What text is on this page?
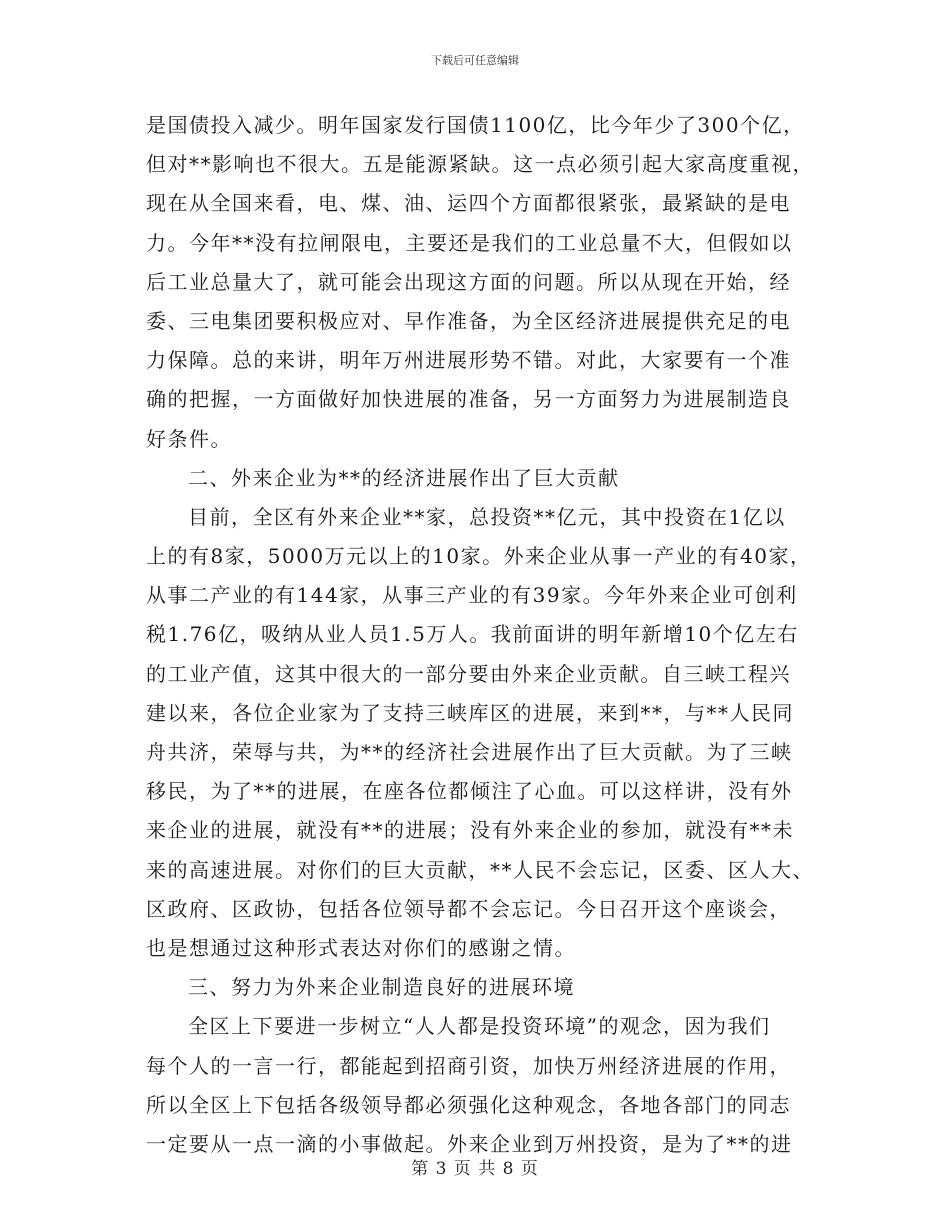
下载后可任意编辑
是国债投入减少。明年国家发行国债1100亿，比今年少了300个亿，
但对**影响也不很大。五是能源紧缺。这一点必须引起大家高度重视，
现在从全国来看，电、煤、油、运四个方面都很紧张，最紧缺的是电
力。今年**没有拉闸限电，主要还是我们的工业总量不大，但假如以
后工业总量大了，就可能会出现这方面的问题。所以从现在开始，经
委、三电集团要积极应对、早作准备，为全区经济进展提供充足的电
力保障。总的来讲，明年万州进展形势不错。对此，大家要有一个准
确的把握，一方面做好加快进展的准备，另一方面努力为进展制造良
好条件。
二、外来企业为**的经济进展作出了巨大贡献
目前，全区有外来企业**家，总投资**亿元，其中投资在1亿以
上的有8家，5000万元以上的10家。外来企业从事一产业的有40家，
从事二产业的有144家，从事三产业的有39家。今年外来企业可创利
税1.76亿，吸纳从业人员1.5万人。我前面讲的明年新增10个亿左右
的工业产值，这其中很大的一部分要由外来企业贡献。自三峡工程兴
建以来，各位企业家为了支持三峡库区的进展，来到**，与**人民同
舟共济，荣辱与共，为**的经济社会进展作出了巨大贡献。为了三峡
移民，为了**的进展，在座各位都倾注了心血。可以这样讲，没有外
来企业的进展，就没有**的进展；没有外来企业的参加，就没有**未
来的高速进展。对你们的巨大贡献，**人民不会忘记，区委、区人大、
区政府、区政协，包括各位领导都不会忘记。今日召开这个座谈会，
也是想通过这种形式表达对你们的感谢之情。
三、努力为外来企业制造良好的进展环境
全区上下要进一步树立“人人都是投资环境”的观念，因为我们
每个人的一言一行，都能起到招商引资，加快万州经济进展的作用，
所以全区上下包括各级领导都必须强化这种观念，各地各部门的同志
一定要从一点一滴的小事做起。外来企业到万州投资，是为了**的进
第 3 页 共 8 页
